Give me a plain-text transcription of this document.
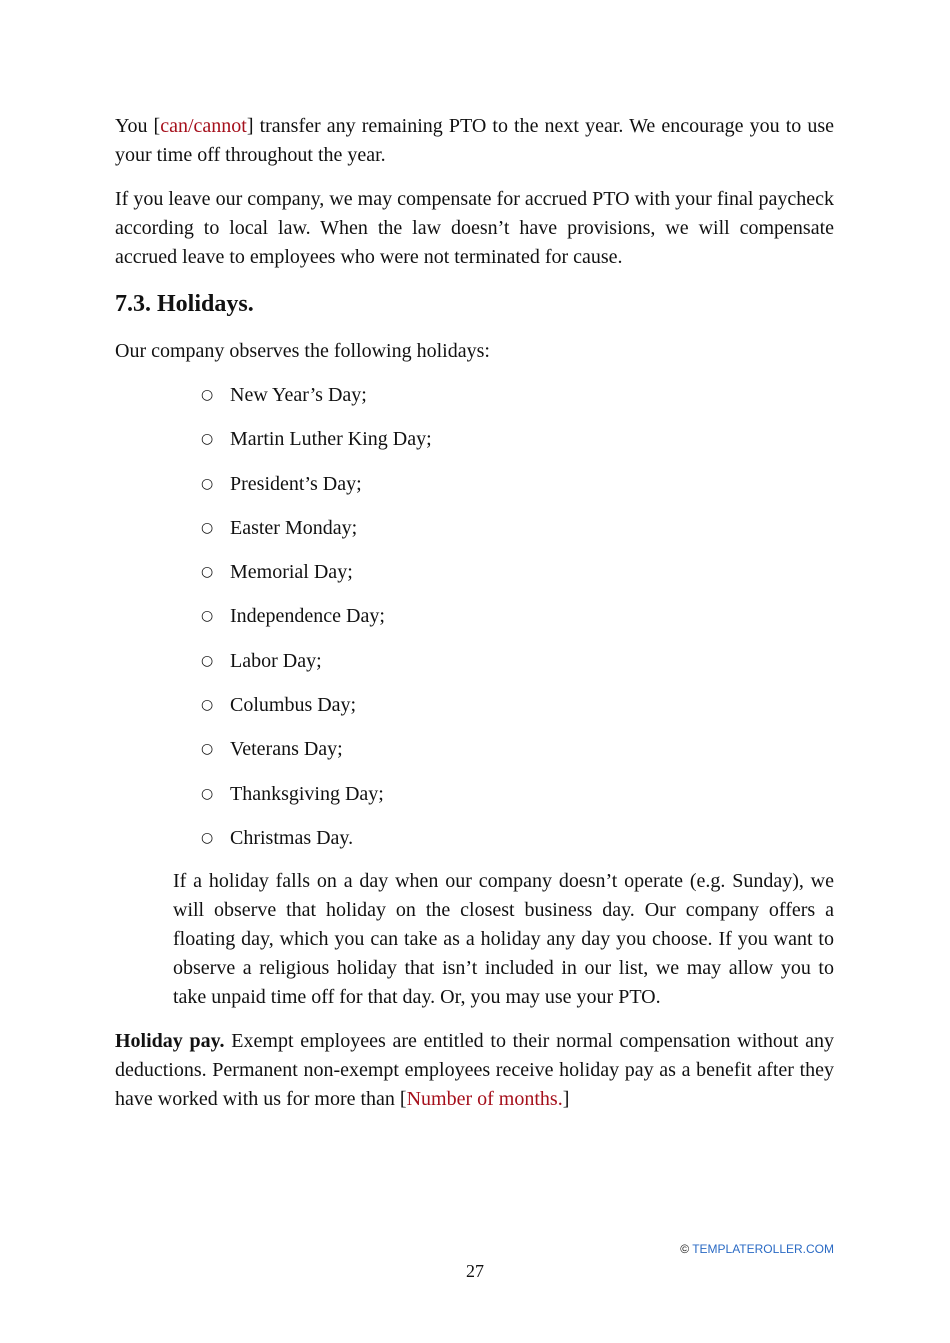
You [can/cannot] transfer any remaining PTO to the next year. We encourage you to use your time off throughout the year.

If you leave our company, we may compensate for accrued PTO with your final paycheck according to local law. When the law doesn’t have provisions, we will compensate accrued leave to employees who were not terminated for cause.

7.3. Holidays.

Our company observes the following holidays:

○ New Year’s Day;
○ Martin Luther King Day;
○ President’s Day;
○ Easter Monday;
○ Memorial Day;
○ Independence Day;
○ Labor Day;
○ Columbus Day;
○ Veterans Day;
○ Thanksgiving Day;
○ Christmas Day.

If a holiday falls on a day when our company doesn’t operate (e.g. Sunday), we will observe that holiday on the closest business day. Our company offers a floating day, which you can take as a holiday any day you choose. If you want to observe a religious holiday that isn’t included in our list, we may allow you to take unpaid time off for that day. Or, you may use your PTO.

Holiday pay. Exempt employees are entitled to their normal compensation without any deductions. Permanent non-exempt employees receive holiday pay as a benefit after they have worked with us for more than [Number of months.]

© TEMPLATEROLLER.COM
27
